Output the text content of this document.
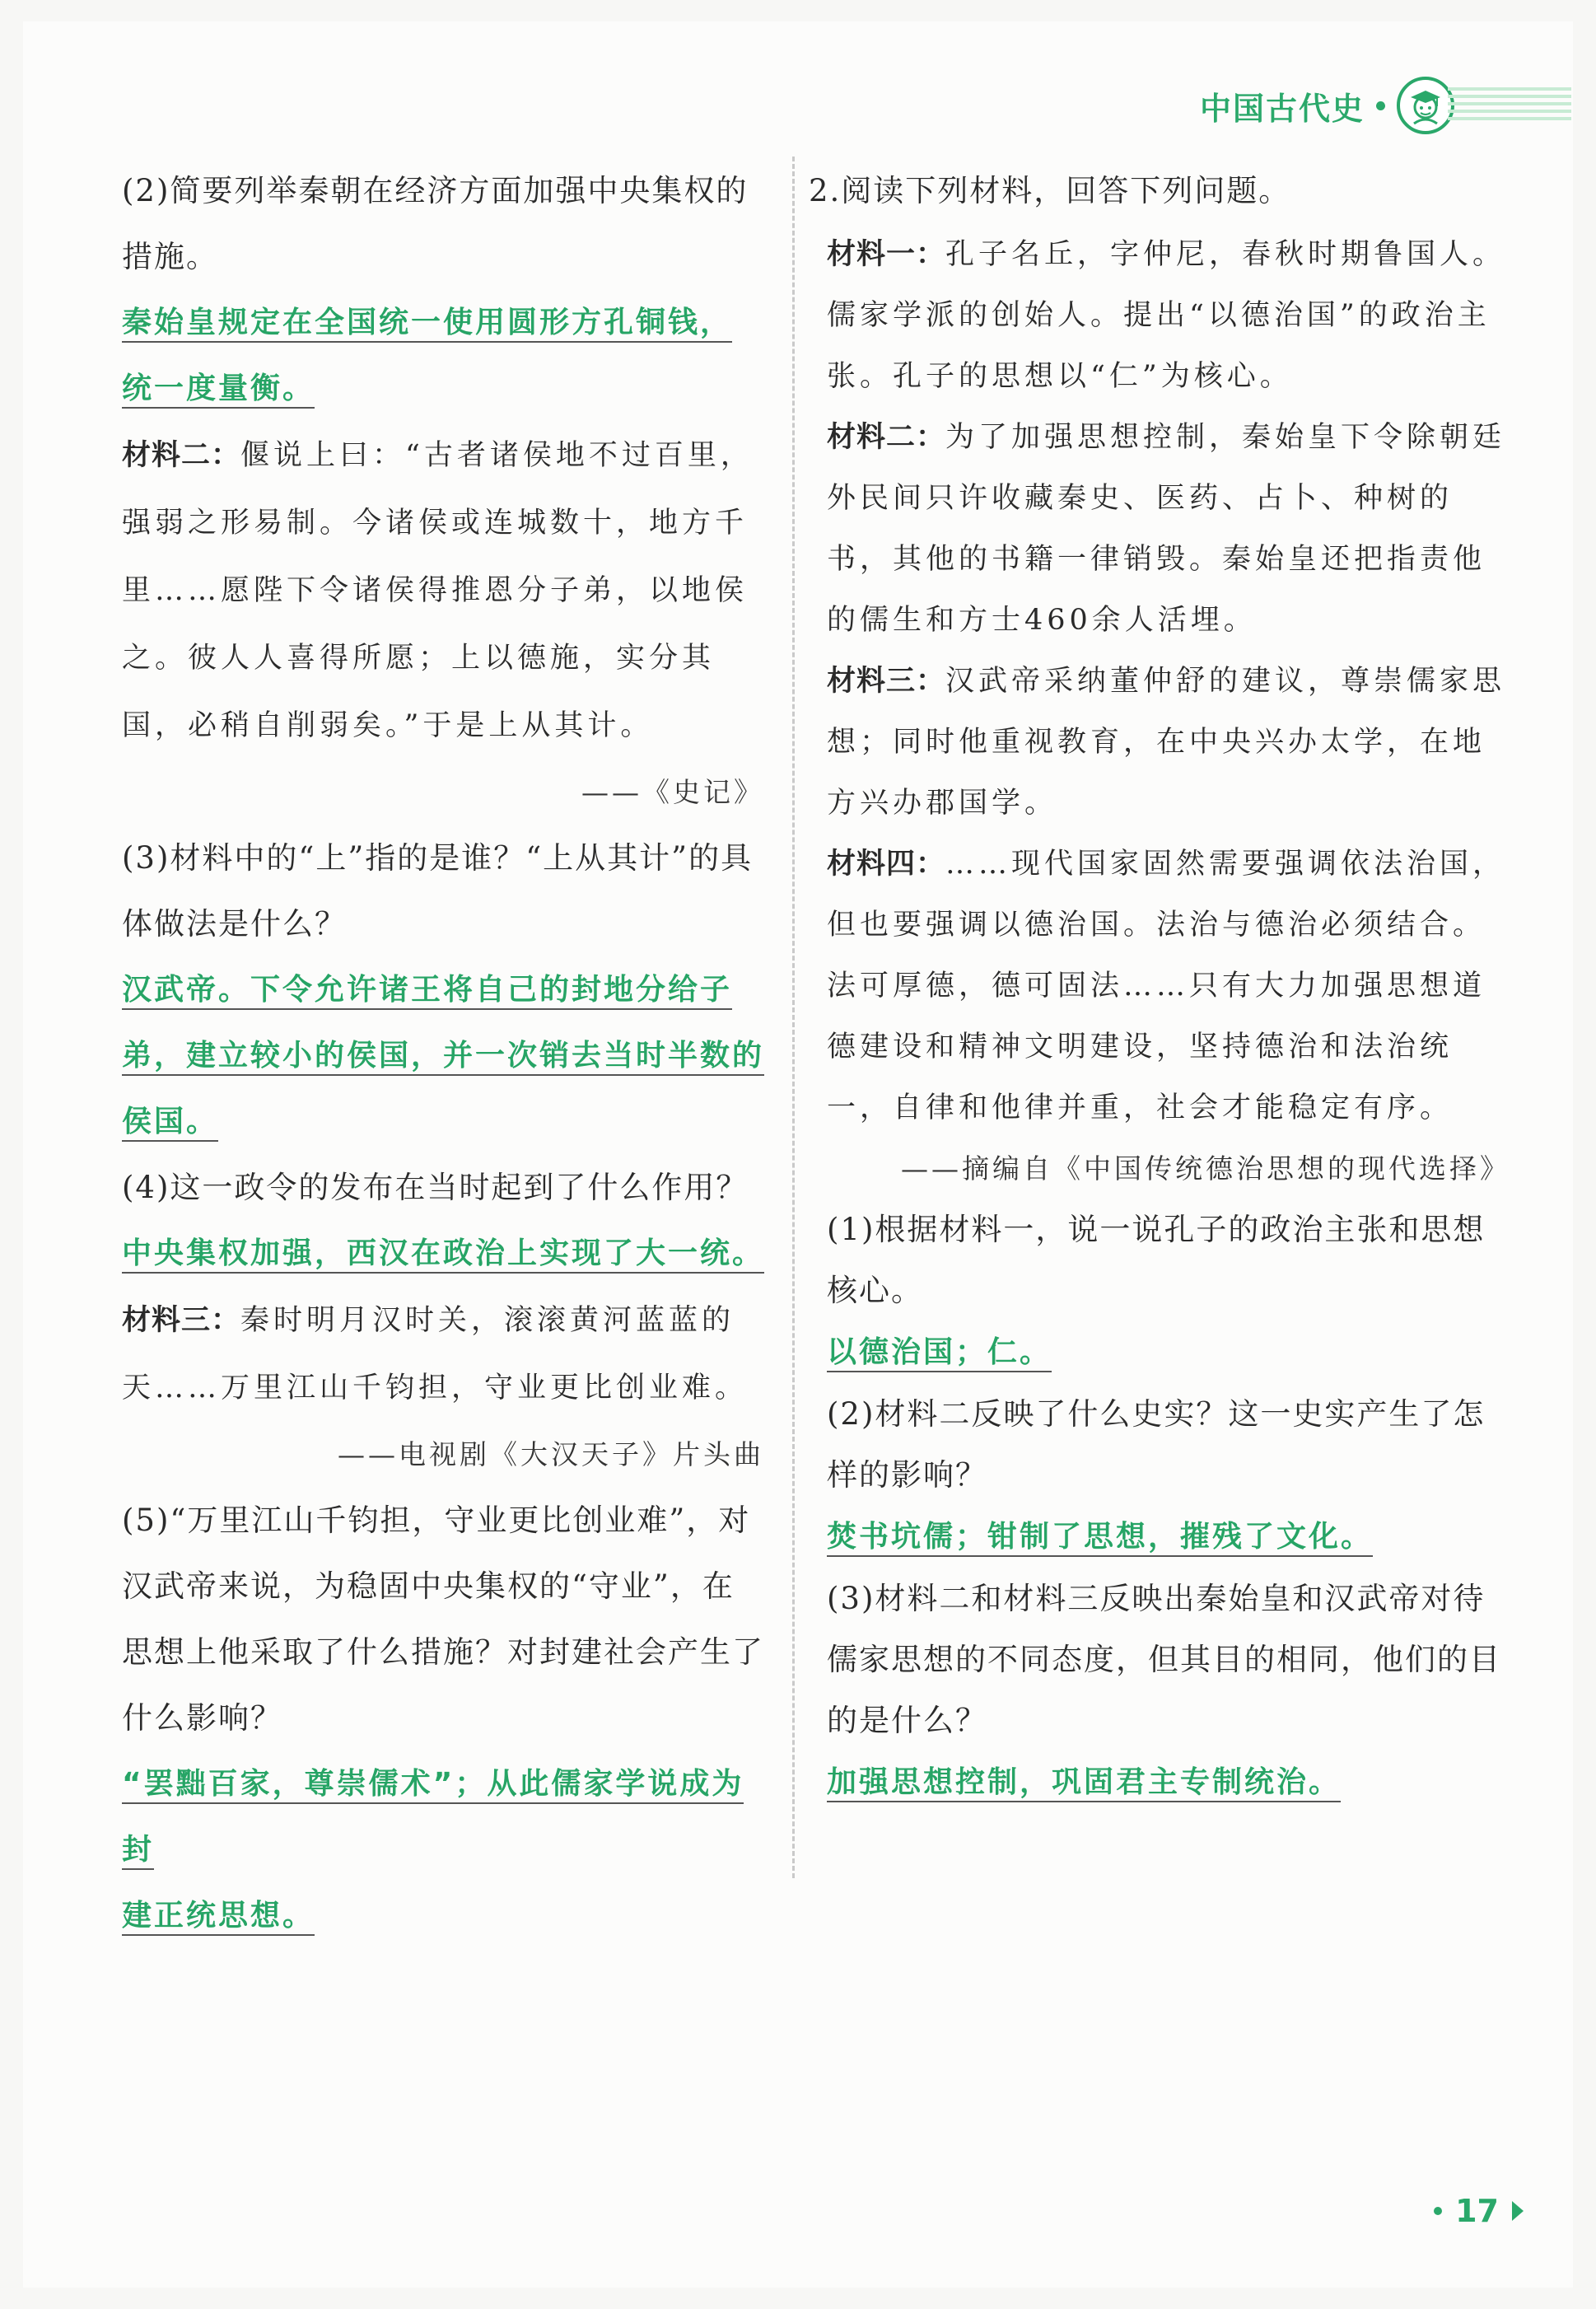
中国古代史

(2)简要列举秦朝在经济方面加强中央集权的措施。

秦始皇规定在全国统一使用圆形方孔铜钱，
统一度量衡。

材料二：偃说上曰：“古者诸侯地不过百里，强弱之形易制。今诸侯或连城数十，地方千里……愿陛下令诸侯得推恩分子弟，以地侯之。彼人人喜得所愿；上以德施，实分其国，必稍自削弱矣。”于是上从其计。

——《史记》

(3)材料中的“上”指的是谁？“上从其计”的具体做法是什么？

汉武帝。下令允许诸王将自己的封地分给子
弟，建立较小的侯国，并一次销去当时半数的
侯国。

(4)这一政令的发布在当时起到了什么作用？

中央集权加强，西汉在政治上实现了大一统。

材料三：秦时明月汉时关，滚滚黄河蓝蓝的天……万里江山千钧担，守业更比创业难。

——电视剧《大汉天子》片头曲

(5)“万里江山千钧担，守业更比创业难”，对汉武帝来说，为稳固中央集权的“守业”，在思想上他采取了什么措施？对封建社会产生了什么影响？

“罢黜百家，尊崇儒术”；从此儒家学说成为封
建正统思想。

2.阅读下列材料，回答下列问题。

材料一：孔子名丘，字仲尼，春秋时期鲁国人。儒家学派的创始人。提出“以德治国”的政治主张。孔子的思想以“仁”为核心。

材料二：为了加强思想控制，秦始皇下令除朝廷外民间只许收藏秦史、医药、占卜、种树的书，其他的书籍一律销毁。秦始皇还把指责他的儒生和方士460余人活埋。

材料三：汉武帝采纳董仲舒的建议，尊崇儒家思想；同时他重视教育，在中央兴办太学，在地方兴办郡国学。

材料四：……现代国家固然需要强调依法治国，但也要强调以德治国。法治与德治必须结合。法可厚德，德可固法……只有大力加强思想道德建设和精神文明建设，坚持德治和法治统一，自律和他律并重，社会才能稳定有序。

——摘编自《中国传统德治思想的现代选择》

(1)根据材料一，说一说孔子的政治主张和思想核心。

以德治国；仁。

(2)材料二反映了什么史实？这一史实产生了怎样的影响？

焚书坑儒；钳制了思想，摧残了文化。

(3)材料二和材料三反映出秦始皇和汉武帝对待儒家思想的不同态度，但其目的相同，他们的目的是什么？

加强思想控制，巩固君主专制统治。

17
